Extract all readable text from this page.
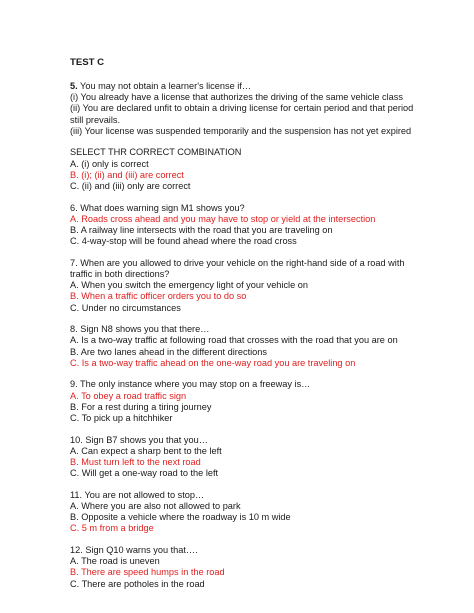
TEST C
5. You may not obtain a learner's license if…
(i) You already have a license that authorizes the driving of the same vehicle class
(ii) You are declared unfit to obtain a driving license for certain period and that period
still prevails.
(iii) Your license was suspended temporarily and the suspension has not yet expired
SELECT THR CORRECT COMBINATION
A. (i) only is correct
B. (i); (ii) and (iii) are correct
C. (ii) and (iii) only are correct
6. What does warning sign M1 shows you?
A. Roads cross ahead and you may have to stop or yield at the intersection
B. A railway line intersects with the road that you are traveling on
C. 4-way-stop will be found ahead where the road cross
7. When are you allowed to drive your vehicle on the right-hand side of a road with
traffic in both directions?
A. When you switch the emergency light of your vehicle on
B. When a traffic officer orders you to do so
C. Under no circumstances
8. Sign N8 shows you that there…
A. Is a two-way traffic at following road that crosses with the road that you are on
B. Are two lanes ahead in the different directions
C. Is a two-way traffic ahead on the one-way road you are traveling on
9. The only instance where you may stop on a freeway is…
A. To obey a road traffic sign
B. For a rest during a tiring journey
C. To pick up a hitchhiker
10. Sign B7 shows you that you…
A. Can expect a sharp bent to the left
B. Must turn left to the next road
C. Will get a one-way road to the left
11. You are not allowed to stop…
A. Where you are also not allowed to park
B. Opposite a vehicle where the roadway is 10 m wide
C. 5 m from a bridge
12. Sign Q10 warns you that….
A. The road is uneven
B. There are speed humps in the road
C. There are potholes in the road
